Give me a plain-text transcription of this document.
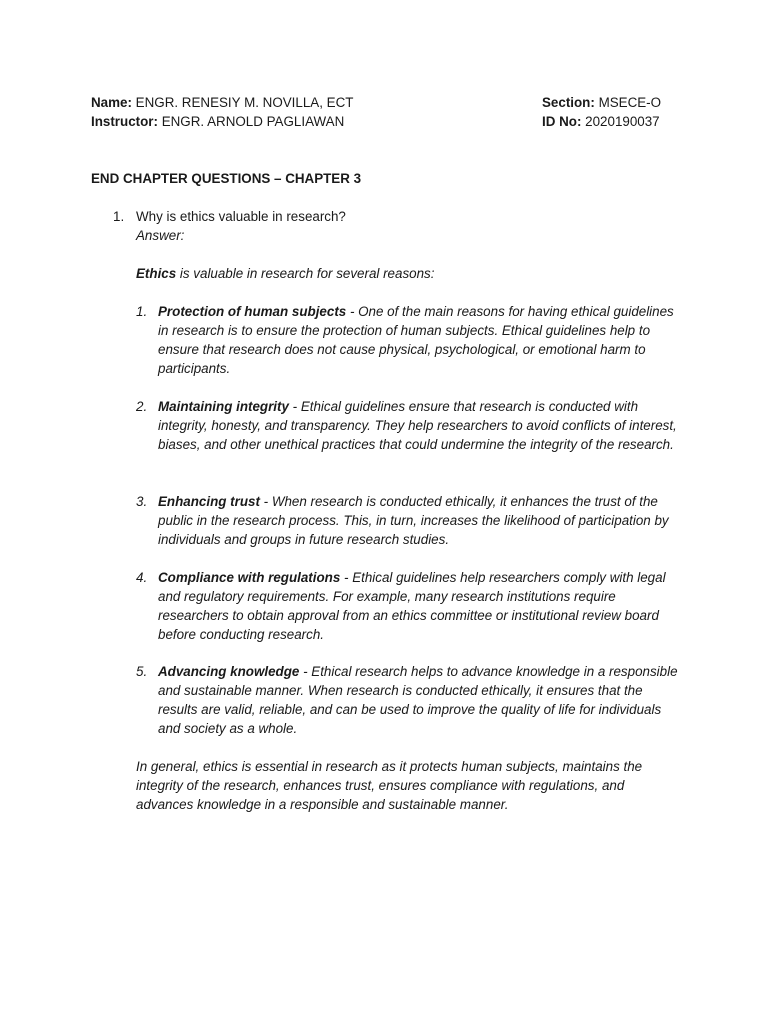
Name: ENGR. RENESIY M. NOVILLA, ECT
Instructor: ENGR. ARNOLD PAGLIAWAN
Section: MSECE-O
ID No: 2020190037
END CHAPTER QUESTIONS – CHAPTER 3
1. Why is ethics valuable in research?
Answer:
Ethics is valuable in research for several reasons:
1. Protection of human subjects - One of the main reasons for having ethical guidelines in research is to ensure the protection of human subjects. Ethical guidelines help to ensure that research does not cause physical, psychological, or emotional harm to participants.
2. Maintaining integrity - Ethical guidelines ensure that research is conducted with integrity, honesty, and transparency. They help researchers to avoid conflicts of interest, biases, and other unethical practices that could undermine the integrity of the research.
3. Enhancing trust - When research is conducted ethically, it enhances the trust of the public in the research process. This, in turn, increases the likelihood of participation by individuals and groups in future research studies.
4. Compliance with regulations - Ethical guidelines help researchers comply with legal and regulatory requirements. For example, many research institutions require researchers to obtain approval from an ethics committee or institutional review board before conducting research.
5. Advancing knowledge - Ethical research helps to advance knowledge in a responsible and sustainable manner. When research is conducted ethically, it ensures that the results are valid, reliable, and can be used to improve the quality of life for individuals and society as a whole.
In general, ethics is essential in research as it protects human subjects, maintains the integrity of the research, enhances trust, ensures compliance with regulations, and advances knowledge in a responsible and sustainable manner.
